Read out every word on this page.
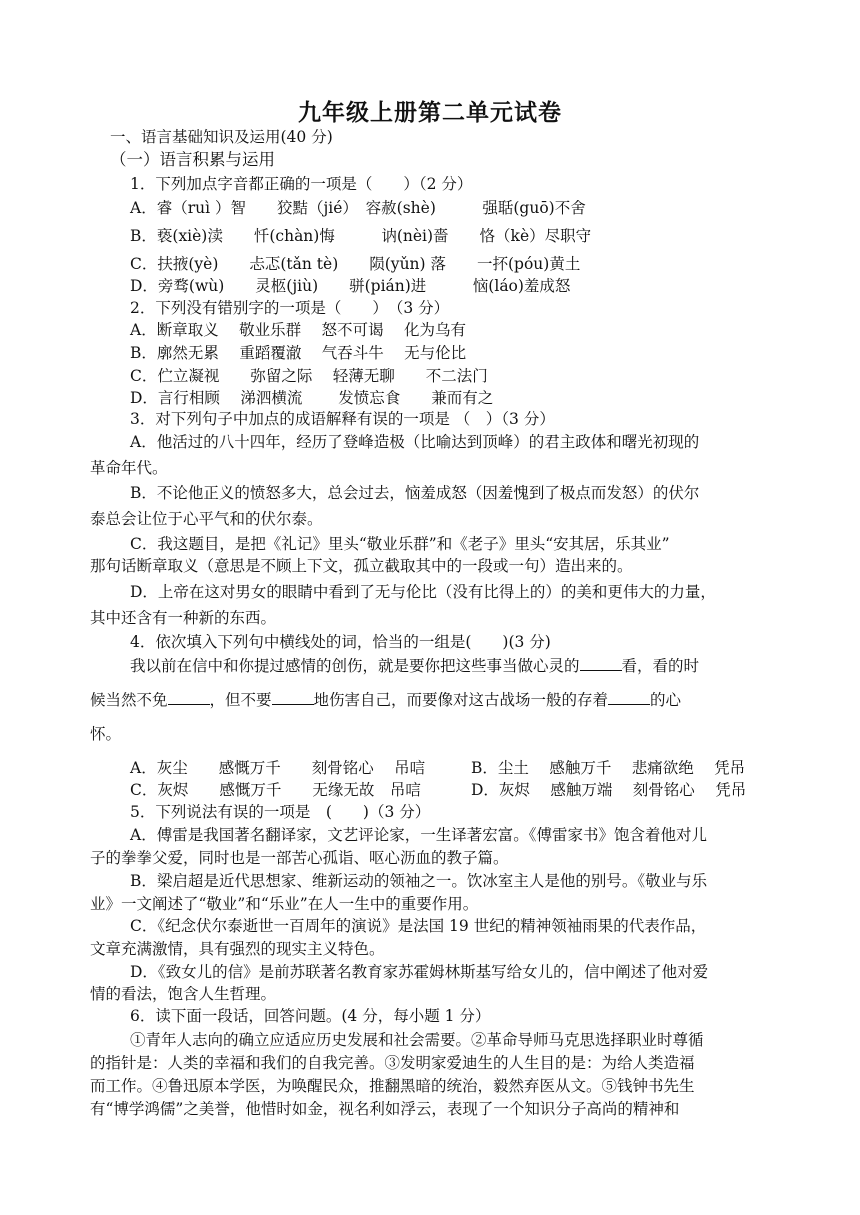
九年级上册第二单元试卷
一、语言基础知识及运用(40 分)
（一）语言积累与运用
1．下列加点字音都正确的一项是（　　）（2 分）
A．睿（ruì ）智　　狡黠（jié）　容赦(shè)　　　强聒(guō)不舍
B．亵(xiè)渎　　忏(chàn)悔　　　讷(nèi)嗇　　恪（kè）尽职守
C．扶掖(yè)　　忐忑(tǎn tè)　　陨(yǔn) 落　　一抔(póu)黄土
D．旁骛(wù)　　灵柩(jiù)　　骈(pián)进　　　恼(láo)羞成怒
2．下列没有错别字的一项是（　　）　（3 分）
A．断章取义　 敬业乐群　 怒不可谒　 化为乌有
B．廓然无累　 重蹈覆澈　 气吞斗牛　 无与伦比
C．伫立凝视　　弥留之际　 轻薄无聊　　不二法门
D．言行相顾　 涕泗横流　　 发愤忘食　　兼而有之
3．对下列句子中加点的成语解释有误的一项是 （　）（3 分）
A．他活过的八十四年，经历了登峰造极（比喻达到顶峰）的君主政体和曙光初现的
革命年代。
B．不论他正义的愤怒多大，总会过去，恼羞成怒（因羞愧到了极点而发怒）的伏尔
泰总会让位于心平气和的伏尔泰。
C．我这题目，是把《礼记》里头“敬业乐群”和《老子》里头“安其居，乐其业”
那句话断章取义（意思是不顾上下文，孤立截取其中的一段或一句）造出来的。
D．上帝在这对男女的眼睛中看到了无与伦比（没有比得上的）的美和更伟大的力量，
其中还含有一种新的东西。
4．依次填入下列句中横线处的词，恰当的一组是(　　)(3 分)
我以前在信中和你提过感情的创伤，就是要你把这些事当做心灵的	看，看的时
候当然不免	，但不要	地伤害自己，而要像对这古战场一般的存着	的心
怀。
A．灰尘　　感慨万千　　刻骨铭心　 吊唁	B．尘土　 感触万千　 悲痛欲绝　 凭吊
C．灰烬　　感慨万千　　无缘无故　吊唁	D．灰烬　 感触万端　 刻骨铭心　 凭吊
5．下列说法有误的一项是　(　　)（3 分）
A．傅雷是我国著名翻译家，文艺评论家，一生译著宏富。《傅雷家书》饱含着他对儿
子的拳拳父爱，同时也是一部苦心孤诣、呕心沥血的教子篇。
B．梁启超是近代思想家、维新运动的领袖之一。饮冰室主人是他的别号。《敬业与乐
业》一文阐述了“敬业”和“乐业”在人一生中的重要作用。
C．《纪念伏尔泰逝世一百周年的演说》是法国 19 世纪的精神领袖雨果的代表作品，
文章充满激情，具有强烈的现实主义特色。
D．《致女儿的信》是前苏联著名教育家苏霍姆林斯基写给女儿的，信中阐述了他对爱
情的看法，饱含人生哲理。
6．读下面一段话，回答问题。(4 分，每小题 1 分）
①青年人志向的确立应适应历史发展和社会需要。②革命导师马克思选择职业时尊循
的指针是：人类的幸福和我们的自我完善。③发明家爱迪生的人生目的是：为给人类造福
而工作。④鲁迅原本学医，为唤醒民众，推翻黑暗的统治，毅然弃医从文。⑤钱钟书先生
有“博学鸿儒”之美誉，他惜时如金，视名利如浮云，表现了一个知识分子高尚的精神和
